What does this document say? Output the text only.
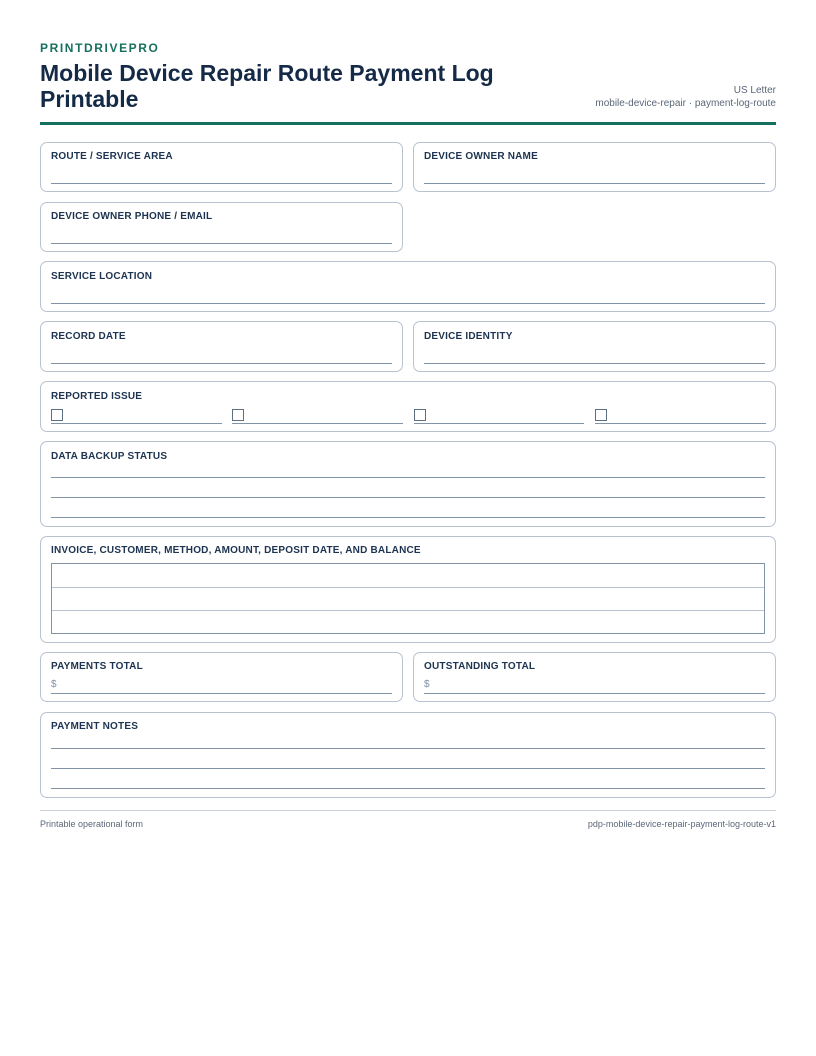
PRINTDRIVEPRO
Mobile Device Repair Route Payment Log Printable	US Letter
mobile-device-repair · payment-log-route
ROUTE / SERVICE AREA	DEVICE OWNER NAME
DEVICE OWNER PHONE / EMAIL
SERVICE LOCATION
RECORD DATE	DEVICE IDENTITY
REPORTED ISSUE
DATA BACKUP STATUS
INVOICE, CUSTOMER, METHOD, AMOUNT, DEPOSIT DATE, AND BALANCE
PAYMENTS TOTAL
$
OUTSTANDING TOTAL
$
PAYMENT NOTES
Printable operational form	pdp-mobile-device-repair-payment-log-route-v1
